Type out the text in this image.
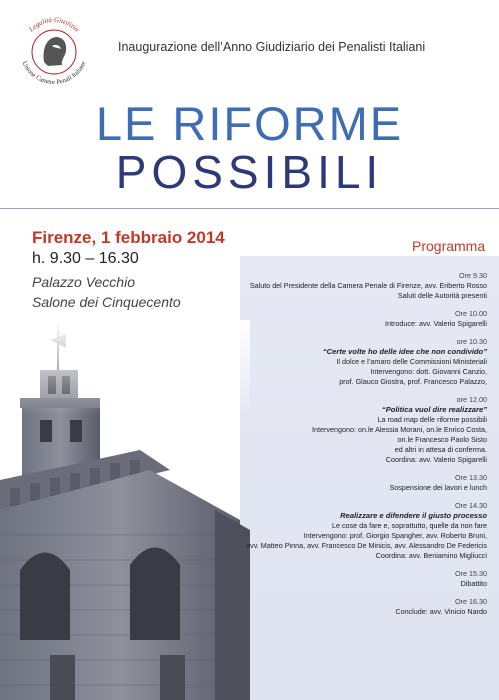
Legalità Giustizia
Unione Camere Penali Italiane
Inaugurazione dell’Anno Giudiziario dei Penalisti Italiani
LE RIFORME
POSSIBILI
Firenze, 1 febbraio 2014
h. 9.30 – 16.30
Palazzo Vecchio
Salone dei Cinquecento
Programma
Ore 9.30
Saluto del Presidente della Camera Penale di Firenze, avv. Eriberto Rosso
Saluti delle Autorità presenti
Ore 10.00
Introduce: avv. Valerio Spigarelli
ore 10.30
“Certe volte ho delle idee che non condivido”
Il dolce e l’amaro delle Commissioni Ministeriali
Intervengono: dott. Giovanni Canzio,
prof. Glauco Giostra, prof. Francesco Palazzo,
ore 12.00
“Politica vuol dire realizzare”
La road map delle riforme possibili
Intervengono: on.le Alessia Morani, on.le Enrico Costa,
on.le Francesco Paolo Sisto
ed altri in attesa di conferma.
Coordina: avv. Valerio Spigarelli
Ore 13.30
Sospensione dei lavori e lunch
Ore 14.30
Realizzare e difendere il giusto processo
Le cose da fare e, soprattutto, quelle da non fare
Intervengono: prof. Giorgio Spangher, avv. Roberto Bruni,
avv. Matteo Pinna, avv. Francesco De Minicis, avv. Alessandro De Federicis
Coordina: avv. Beniamino Migliucci
Ore 15.30
Dibattito
Ore 16.30
Conclude: avv. Vinicio Nardo
